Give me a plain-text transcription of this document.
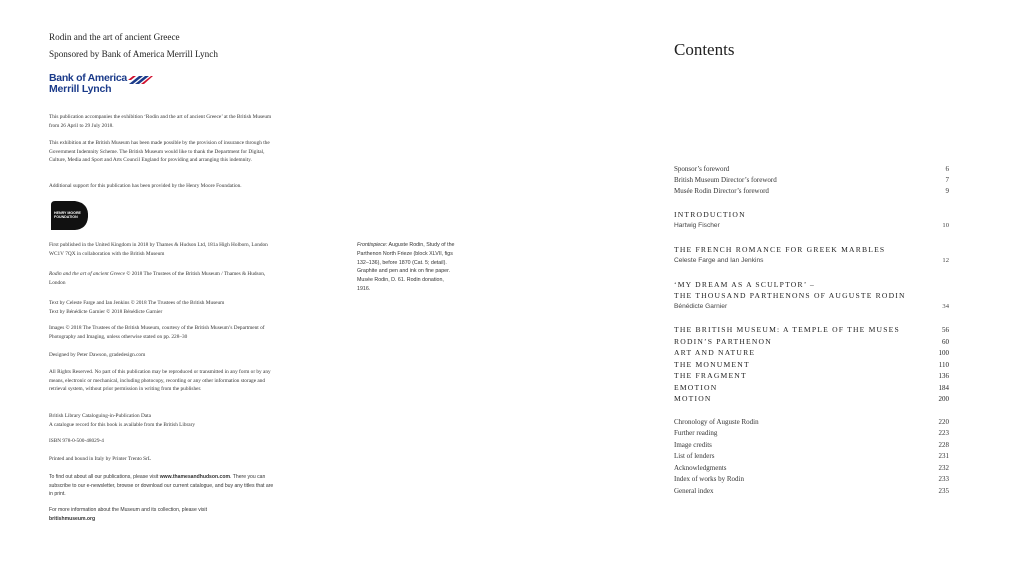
Rodin and the art of ancient Greece
Sponsored by Bank of America Merrill Lynch
Bank of America
Merrill Lynch
This publication accompanies the exhibition ‘Rodin and the art of ancient Greece’ at the British Museum from 26 April to 29 July 2018.
This exhibition at the British Museum has been made possible by the provision of insurance through the Government Indemnity Scheme. The British Museum would like to thank the Department for Digital, Culture, Media and Sport and Arts Council England for providing and arranging this indemnity.
Additional support for this publication has been provided by the Henry Moore Foundation.
HENRY MOORE
FOUNDATION
First published in the United Kingdom in 2018 by Thames & Hudson Ltd, 181a High Holborn, London WC1V 7QX in collaboration with the British Museum
Rodin and the art of ancient Greece © 2018 The Trustees of the British Museum / Thames & Hudson, London

Text by Celeste Farge and Ian Jenkins © 2018 The Trustees of the British Museum

Text by Bénédicte Garnier © 2018 Bénédicte Garnier

Images © 2018 The Trustees of the British Museum, courtesy of the British Museum’s Department of Photography and Imaging, unless otherwise stated on pp. 228–30
Designed by Peter Dawson, gradedesign.com
All Rights Reserved. No part of this publication may be reproduced or transmitted in any form or by any means, electronic or mechanical, including photocopy, recording or any other information storage and retrieval system, without prior permission in writing from the publisher.

British Library Cataloguing-in-Publication Data

A catalogue record for this book is available from the British Library

ISBN 978-0-500-48029-4
Printed and bound in Italy by Printer Trento SrL
To find out about all our publications, please visit www.thamesandhudson.com. There you can subscribe to our e-newsletter, browse or download our current catalogue, and buy any titles that are in print.

For more information about the Museum and its collection, please visit

britishmuseum.org

Frontispiece: Auguste Rodin, Study of the Parthenon North Frieze (block XLVII, figs 132–136), before 1870 (Cat. 5; detail). Graphite and pen and ink on fine paper. Musée Rodin, D. 61. Rodin donation, 1916.
Contents
Sponsor’s foreword	6
British Museum Director’s foreword	7
Musée Rodin Director’s foreword	9
INTRODUCTION
Hartwig Fischer	10
THE FRENCH ROMANCE FOR GREEK MARBLES
Celeste Farge and Ian Jenkins	12
‘MY DREAM AS A SCULPTOR’ –
THE THOUSAND PARTHENONS OF AUGUSTE RODIN
Bénédicte Garnier	34
THE BRITISH MUSEUM: A TEMPLE OF THE MUSES	56
RODIN’S PARTHENON	60
ART AND NATURE	100
THE MONUMENT	110
THE FRAGMENT	136
EMOTION	184
MOTION	200
Chronology of Auguste Rodin	220
Further reading	223
Image credits	228
List of lenders	231
Acknowledgments	232
Index of works by Rodin	233
General index	235
